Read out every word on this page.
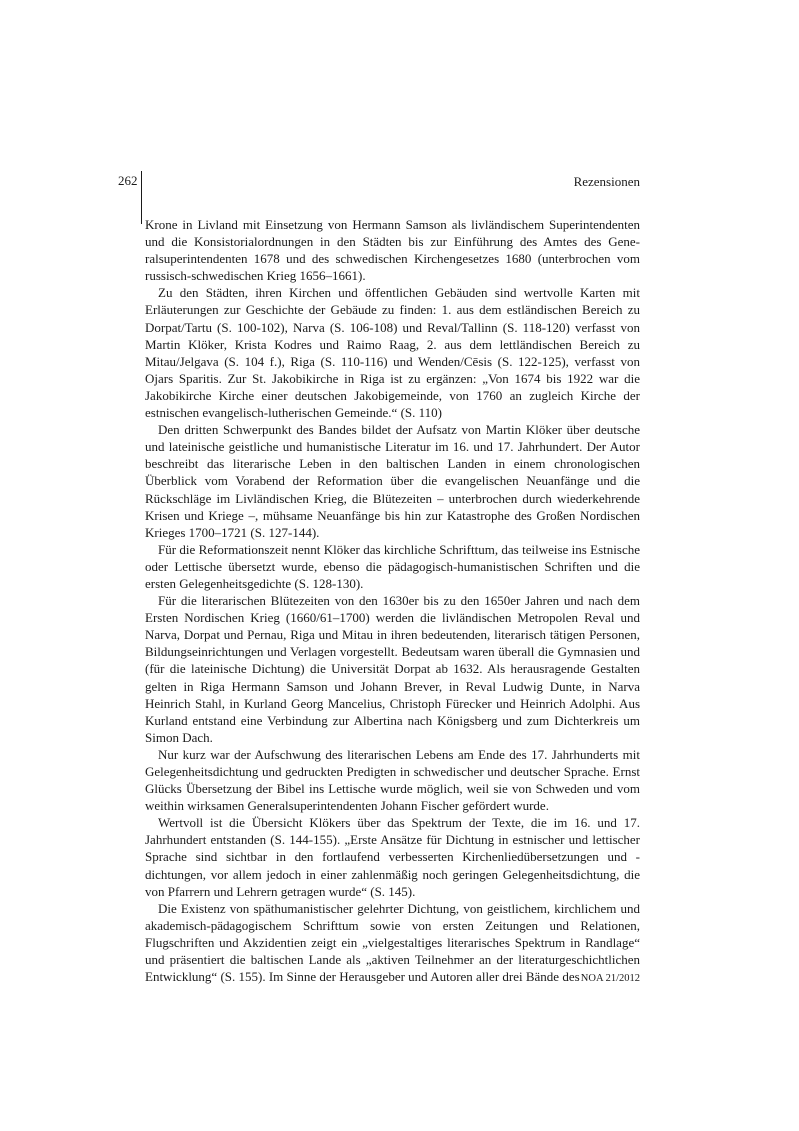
262	Rezensionen

Krone in Livland mit Einsetzung von Hermann Samson als livländischem Superintendenten und die Konsistorialordnungen in den Städten bis zur Einführung des Amtes des Generalsuperintendenten 1678 und des schwedischen Kirchengesetzes 1680 (unterbrochen vom russisch-schwedischen Krieg 1656–1661).

Zu den Städten, ihren Kirchen und öffentlichen Gebäuden sind wertvolle Karten mit Erläuterungen zur Geschichte der Gebäude zu finden: 1. aus dem estländischen Bereich zu Dorpat/Tartu (S. 100-102), Narva (S. 106-108) und Reval/Tallinn (S. 118-120) verfasst von Martin Klöker, Krista Kodres und Raimo Raag, 2. aus dem lettländischen Bereich zu Mitau/Jelgava (S. 104 f.), Riga (S. 110-116) und Wenden/Cēsis (S. 122-125), verfasst von Ojars Sparitis. Zur St. Jakobikirche in Riga ist zu ergänzen: „Von 1674 bis 1922 war die Jakobikirche Kirche einer deutschen Jakobigemeinde, von 1760 an zugleich Kirche der estnischen evangelisch-lutherischen Gemeinde.“ (S. 110)

Den dritten Schwerpunkt des Bandes bildet der Aufsatz von Martin Klöker über deutsche und lateinische geistliche und humanistische Literatur im 16. und 17. Jahrhundert. Der Autor beschreibt das literarische Leben in den baltischen Landen in einem chronologischen Überblick vom Vorabend der Reformation über die evangelischen Neuanfänge und die Rückschläge im Livländischen Krieg, die Blütezeiten – unterbrochen durch wiederkehrende Krisen und Kriege –, mühsame Neuanfänge bis hin zur Katastrophe des Großen Nordischen Krieges 1700–1721 (S. 127-144).

Für die Reformationszeit nennt Klöker das kirchliche Schrifttum, das teilweise ins Estnische oder Lettische übersetzt wurde, ebenso die pädagogisch-humanistischen Schriften und die ersten Gelegenheitsgedichte (S. 128-130).

Für die literarischen Blütezeiten von den 1630er bis zu den 1650er Jahren und nach dem Ersten Nordischen Krieg (1660/61–1700) werden die livländischen Metropolen Reval und Narva, Dorpat und Pernau, Riga und Mitau in ihren bedeutenden, literarisch tätigen Personen, Bildungseinrichtungen und Verlagen vorgestellt. Bedeutsam waren überall die Gymnasien und (für die lateinische Dichtung) die Universität Dorpat ab 1632. Als herausragende Gestalten gelten in Riga Hermann Samson und Johann Brever, in Reval Ludwig Dunte, in Narva Heinrich Stahl, in Kurland Georg Mancelius, Christoph Fürecker und Heinrich Adolphi. Aus Kurland entstand eine Verbindung zur Albertina nach Königsberg und zum Dichterkreis um Simon Dach.

Nur kurz war der Aufschwung des literarischen Lebens am Ende des 17. Jahrhunderts mit Gelegenheitsdichtung und gedruckten Predigten in schwedischer und deutscher Sprache. Ernst Glücks Übersetzung der Bibel ins Lettische wurde möglich, weil sie von Schweden und vom weithin wirksamen Generalsuperintendenten Johann Fischer gefördert wurde.

Wertvoll ist die Übersicht Klökers über das Spektrum der Texte, die im 16. und 17. Jahrhundert entstanden (S. 144-155). „Erste Ansätze für Dichtung in estnischer und lettischer Sprache sind sichtbar in den fortlaufend verbesserten Kirchenliedübersetzungen und -dichtungen, vor allem jedoch in einer zahlenmäßig noch geringen Gelegenheitsdichtung, die von Pfarrern und Lehrern getragen wurde“ (S. 145).

Die Existenz von späthumanistischer gelehrter Dichtung, von geistlichem, kirchlichem und akademisch-pädagogischem Schrifttum sowie von ersten Zeitungen und Relationen, Flugschriften und Akzidentien zeigt ein „vielgestaltiges literarisches Spektrum in Randlage“ und präsentiert die baltischen Lande als „aktiven Teilnehmer an der literaturgeschichtlichen Entwicklung“ (S. 155). Im Sinne der Herausgeber und Autoren aller drei Bände des NOA 21/2012
